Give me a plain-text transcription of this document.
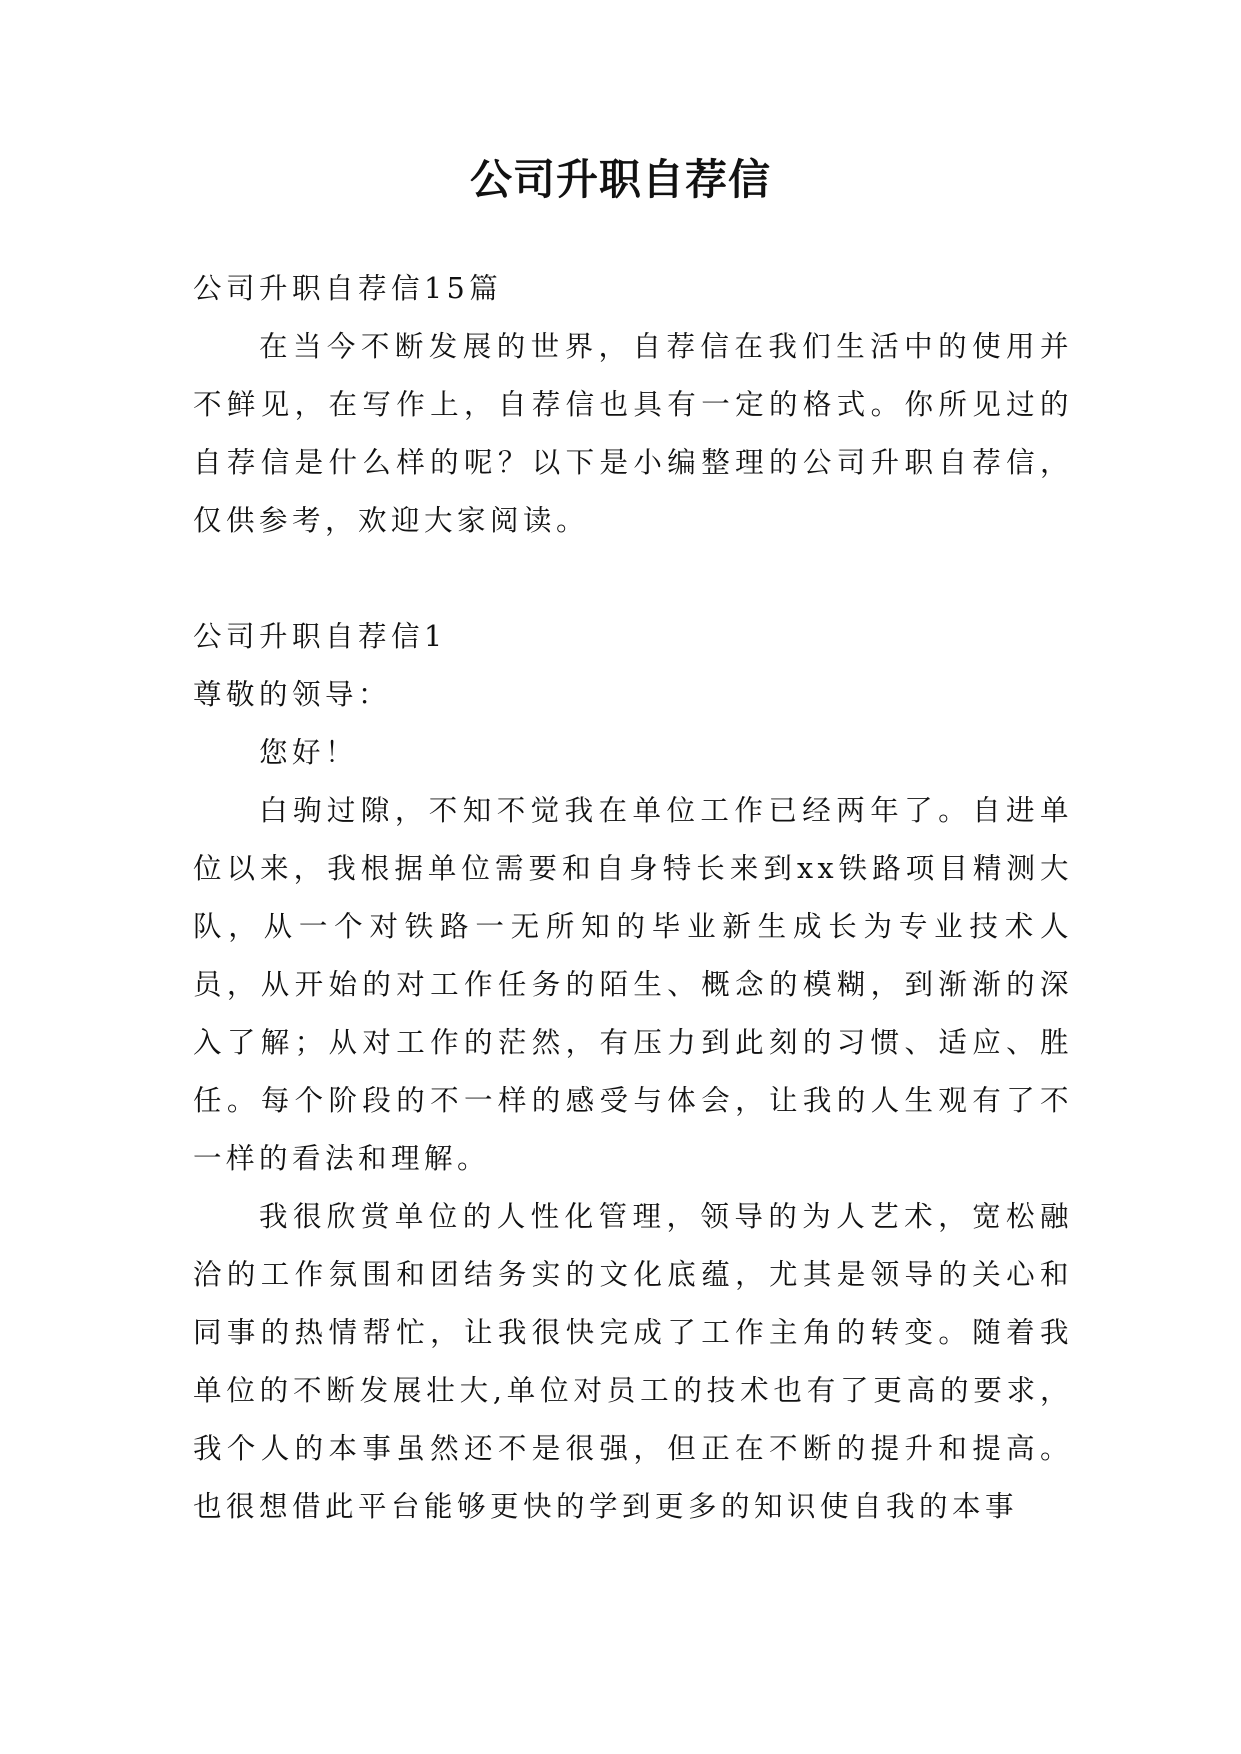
公司升职自荐信

公司升职自荐信15篇

在当今不断发展的世界，自荐信在我们生活中的使用并不鲜见，在写作上，自荐信也具有一定的格式。你所见过的自荐信是什么样的呢？以下是小编整理的公司升职自荐信，仅供参考，欢迎大家阅读。

公司升职自荐信1

尊敬的领导：

您好！

白驹过隙，不知不觉我在单位工作已经两年了。自进单位以来，我根据单位需要和自身特长来到xx铁路项目精测大队，从一个对铁路一无所知的毕业新生成长为专业技术人员，从开始的对工作任务的陌生、概念的模糊，到渐渐的深入了解；从对工作的茫然，有压力到此刻的习惯、适应、胜任。每个阶段的不一样的感受与体会，让我的人生观有了不一样的看法和理解。

我很欣赏单位的人性化管理，领导的为人艺术，宽松融洽的工作氛围和团结务实的文化底蕴，尤其是领导的关心和同事的热情帮忙，让我很快完成了工作主角的转变。随着我单位的不断发展壮大,单位对员工的技术也有了更高的要求，我个人的本事虽然还不是很强，但正在不断的提升和提高。也很想借此平台能够更快的学到更多的知识使自我的本事
